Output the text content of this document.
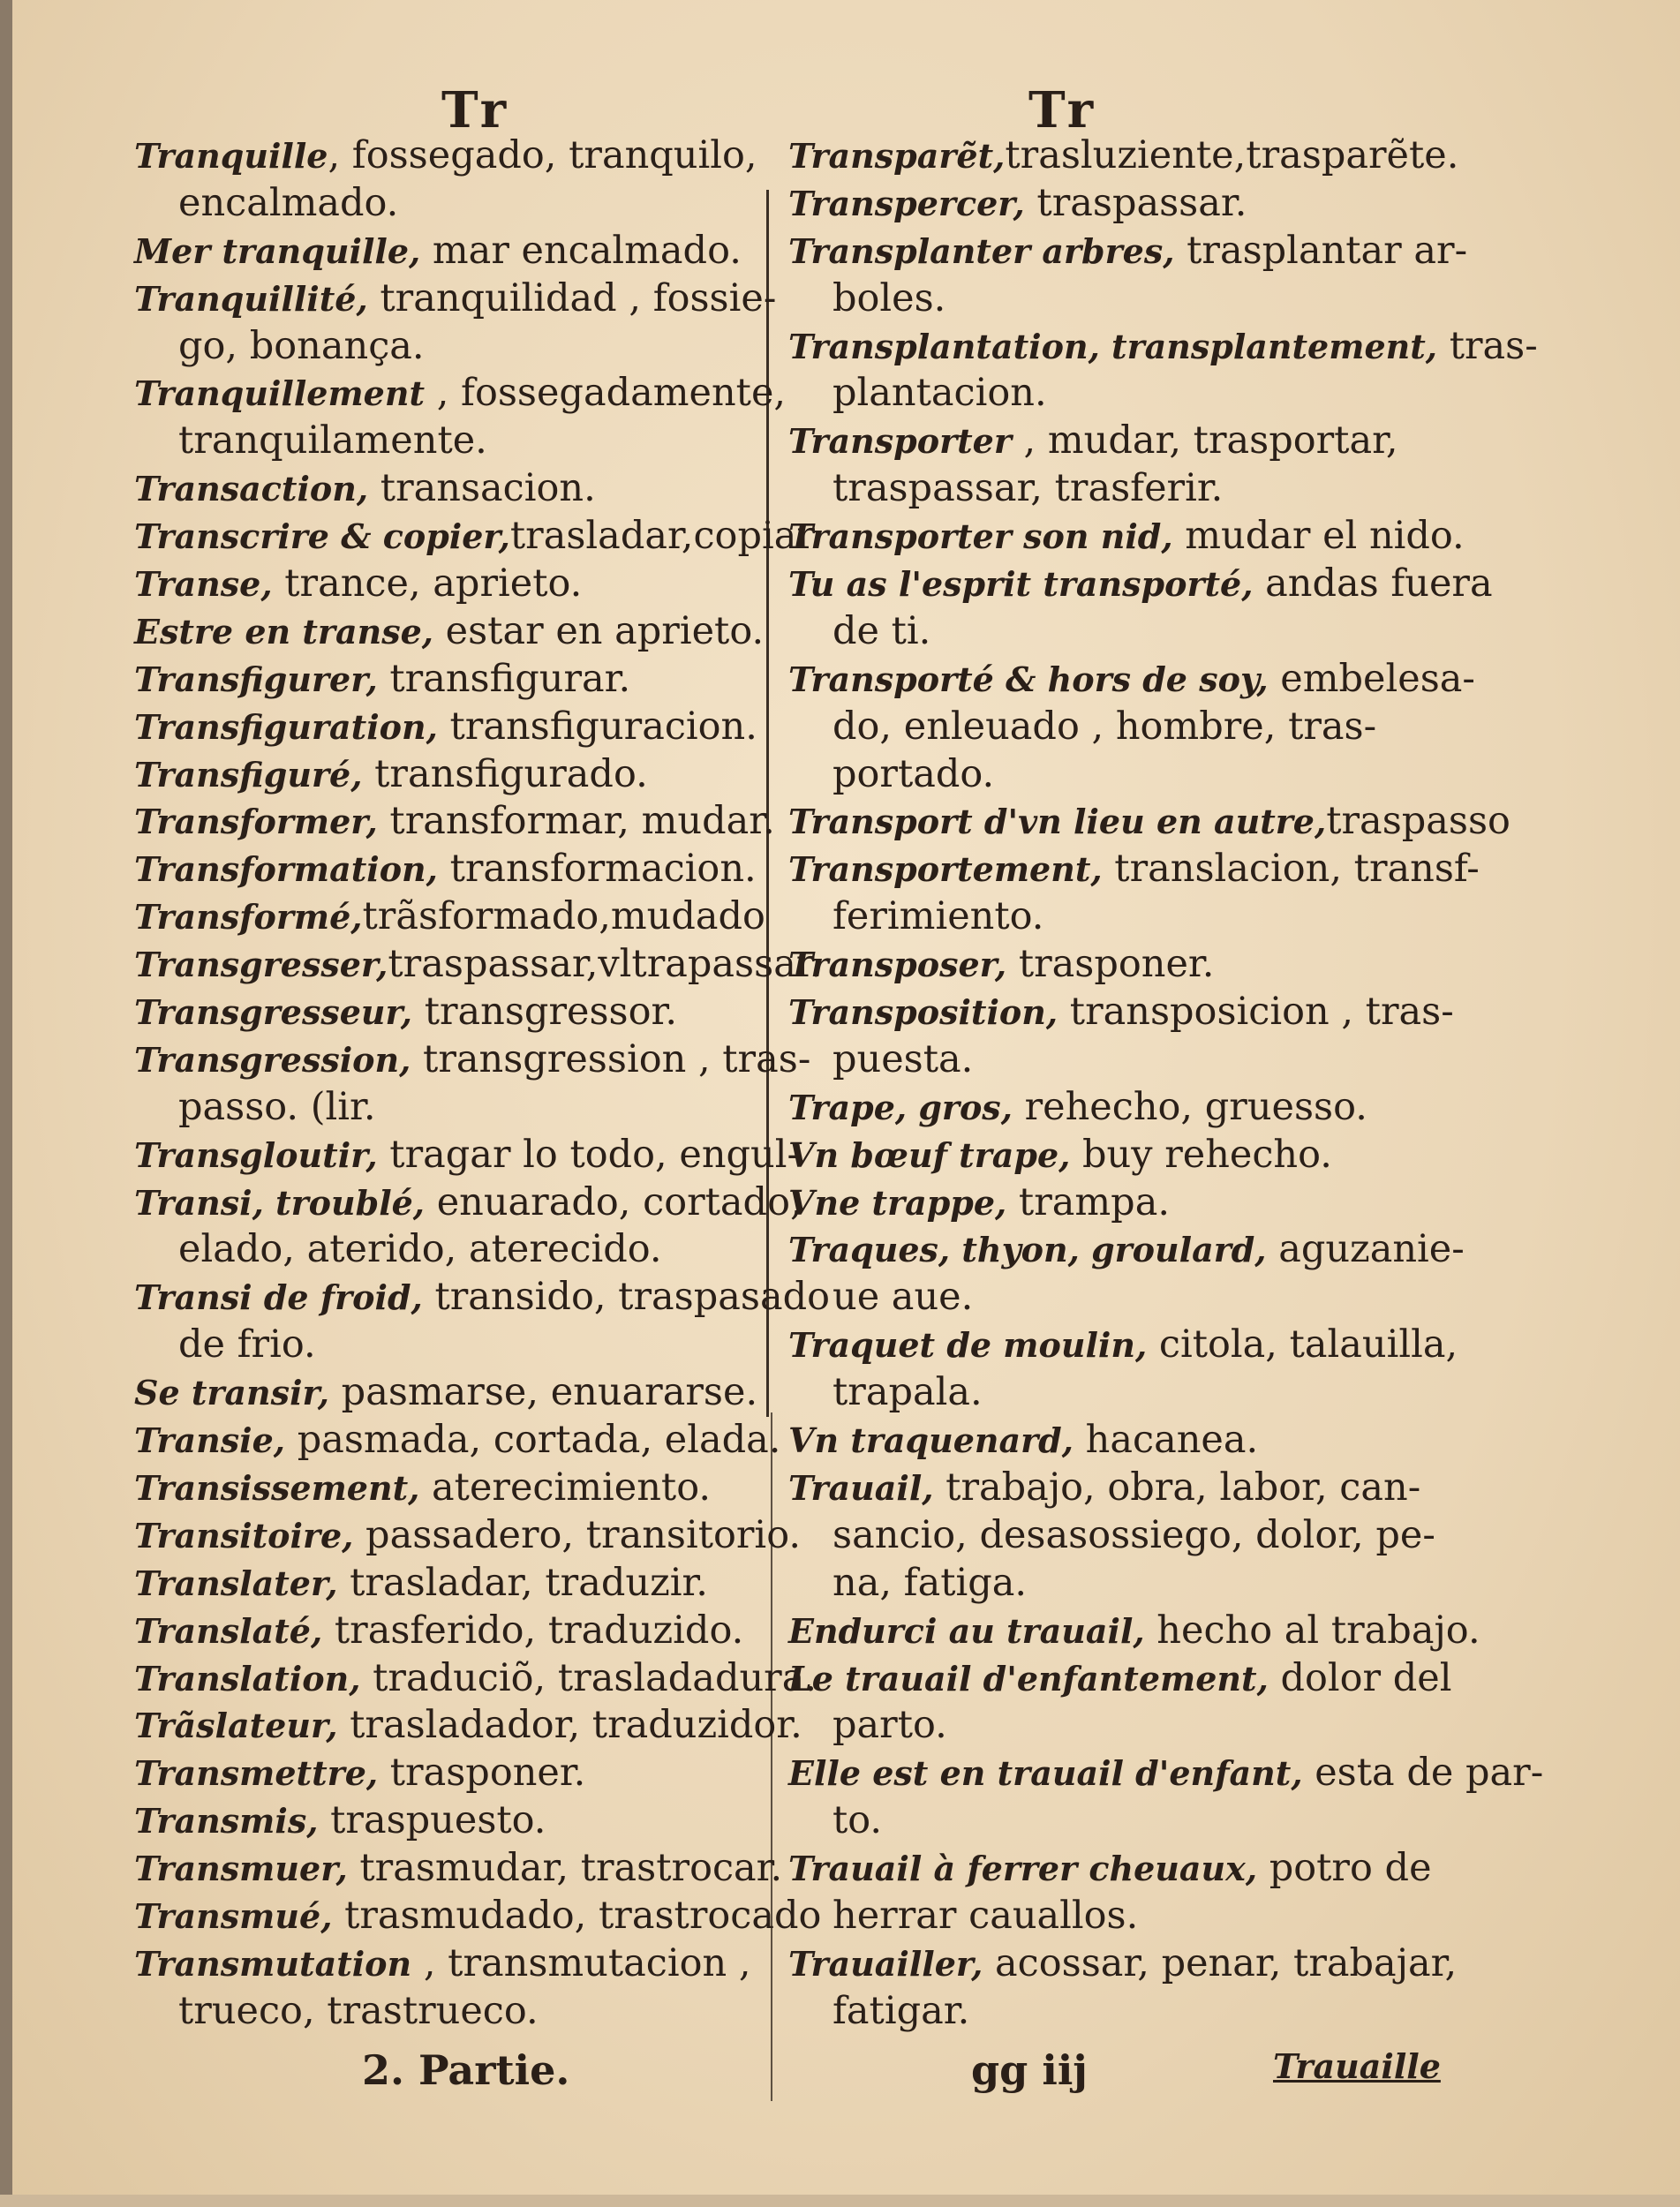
Tr	Tr
Tranquille, fossegado, tranquilo,
encalmado.
Mer tranquille, mar encalmado.
Tranquillité, tranquilidad , fossie-
go, bonança.
Tranquillement , fossegadamente,
tranquilamente.
Transaction, transacion.
Transcrire & copier,trasladar,copiar
Transe, trance, aprieto.
Estre en transe, estar en aprieto.
Transfigurer, transfigurar.
Transfiguration, transfiguracion.
Transfiguré, transfigurado.
Transformer, transformar, mudar.
Transformation, transformacion.
Transformé,trãsformado,mudado
Transgresser,traspassar,vltrapassar.
Transgresseur, transgressor.
Transgression, transgression , tras-
passo. (lir.
Transgloutir, tragar lo todo, engul-
Transi, troublé, enuarado, cortado,
elado, aterido, aterecido.
Transi de froid, transido, traspasado
de frio.
Se transir, pasmarse, enuararse.
Transie, pasmada, cortada, elada.
Transissement, aterecimiento.
Transitoire, passadero, transitorio.
Translater, trasladar, traduzir.
Translaté, trasferido, traduzido.
Translation, traduciõ, trasladadura.
Trãslateur, trasladador, traduzidor.
Transmettre, trasponer.
Transmis, traspuesto.
Transmuer, trasmudar, trastrocar.
Transmué, trasmudado, trastrocado
Transmutation , transmutacion ,
trueco, trastrueco.
Transparẽt,trasluziente,trasparẽte.
Transpercer, traspassar.
Transplanter arbres, trasplantar ar-
boles.
Transplantation, transplantement, tras-
plantacion.
Transporter , mudar, trasportar,
traspassar, trasferir.
Transporter son nid, mudar el nido.
Tu as l'esprit transporté, andas fuera
de ti.
Transporté & hors de soy, embelesa-
do, enleuado , hombre, tras-
portado.
Transport d'vn lieu en autre,traspasso
Transportement, translacion, transf-
ferimiento.
Transposer, trasponer.
Transposition, transposicion , tras-
puesta.
Trape, gros, rehecho, gruesso.
Vn bœuf trape, buy rehecho.
Vne trappe, trampa.
Traques, thyon, groulard, aguzanie-
ue aue.
Traquet de moulin, citola, talauilla,
trapala.
Vn traquenard, hacanea.
Trauail, trabajo, obra, labor, can-
sancio, desasossiego, dolor, pe-
na, fatiga.
Endurci au trauail, hecho al trabajo.
Le trauail d'enfantement, dolor del
parto.
Elle est en trauail d'enfant, esta de par-
to.
Trauail à ferrer cheuaux, potro de
herrar cauallos.
Trauailler, acossar, penar, trabajar,
fatigar.
2. Partie.	gg iij	Trauaille
